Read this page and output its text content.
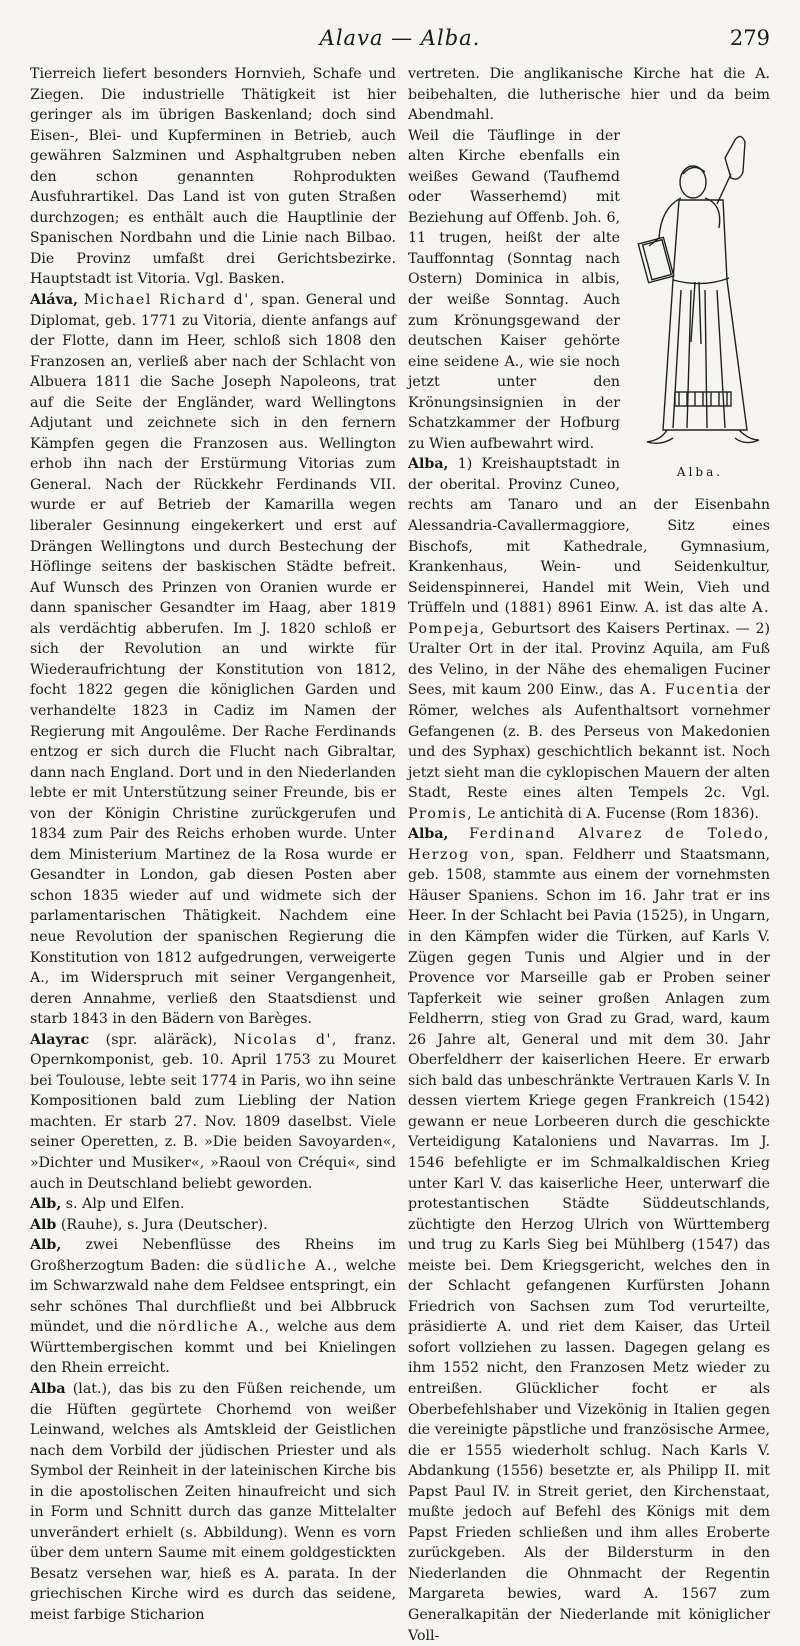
Alava — Alba.	279

Tierreich liefert besonders Hornvieh, Schafe und Ziegen. Die industrielle Thätigkeit ist hier geringer als im übrigen Baskenland; doch sind Eisen-, Blei- und Kupferminen in Betrieb, auch gewähren Salzminen und Asphaltgruben neben den schon genannten Rohprodukten Ausfuhrartikel. Das Land ist von guten Straßen durchzogen; es enthält auch die Hauptlinie der Spanischen Nordbahn und die Linie nach Bilbao. Die Provinz umfaßt drei Gerichtsbezirke. Hauptstadt ist Vitoria. Vgl. Basken.

Aláva, Michael Richard d', span. General und Diplomat, geb. 1771 zu Vitoria, diente anfangs auf der Flotte, dann im Heer, schloß sich 1808 den Franzosen an, verließ aber nach der Schlacht von Albuera 1811 die Sache Joseph Napoleons, trat auf die Seite der Engländer, ward Wellingtons Adjutant und zeichnete sich in den fernern Kämpfen gegen die Franzosen aus. Wellington erhob ihn nach der Erstürmung Vitorias zum General. Nach der Rückkehr Ferdinands VII. wurde er auf Betrieb der Kamarilla wegen liberaler Gesinnung eingekerkert und erst auf Drängen Wellingtons und durch Bestechung der Höflinge seitens der baskischen Städte befreit. Auf Wunsch des Prinzen von Oranien wurde er dann spanischer Gesandter im Haag, aber 1819 als verdächtig abberufen. Im J. 1820 schloß er sich der Revolution an und wirkte für Wiederaufrichtung der Konstitution von 1812, focht 1822 gegen die königlichen Garden und verhandelte 1823 in Cadiz im Namen der Regierung mit Angoulême. Der Rache Ferdinands entzog er sich durch die Flucht nach Gibraltar, dann nach England. Dort und in den Niederlanden lebte er mit Unterstützung seiner Freunde, bis er von der Königin Christine zurückgerufen und 1834 zum Pair des Reichs erhoben wurde. Unter dem Ministerium Martinez de la Rosa wurde er Gesandter in London, gab diesen Posten aber schon 1835 wieder auf und widmete sich der parlamentarischen Thätigkeit. Nachdem eine neue Revolution der spanischen Regierung die Konstitution von 1812 aufgedrungen, verweigerte A., im Widerspruch mit seiner Vergangenheit, deren Annahme, verließ den Staatsdienst und starb 1843 in den Bädern von Barèges.

Alayrac (spr. aläräck), Nicolas d', franz. Opernkomponist, geb. 10. April 1753 zu Mouret bei Toulouse, lebte seit 1774 in Paris, wo ihn seine Kompositionen bald zum Liebling der Nation machten. Er starb 27. Nov. 1809 daselbst. Viele seiner Operetten, z. B. »Die beiden Savoyarden«, »Dichter und Musiker«, »Raoul von Créqui«, sind auch in Deutschland beliebt geworden.

Alb, s. Alp und Elfen.

Alb (Rauhe), s. Jura (Deutscher).

Alb, zwei Nebenflüsse des Rheins im Großherzogtum Baden: die südliche A., welche im Schwarzwald nahe dem Feldsee entspringt, ein sehr schönes Thal durchfließt und bei Albbruck mündet, und die nördliche A., welche aus dem Württembergischen kommt und bei Knielingen den Rhein erreicht.

Alba (lat.), das bis zu den Füßen reichende, um die Hüften gegürtete Chorhemd von weißer Leinwand, welches als Amtskleid der Geistlichen nach dem Vorbild der jüdischen Priester und als Symbol der Reinheit in der lateinischen Kirche bis in die apostolischen Zeiten hinaufreicht und sich in Form und Schnitt durch das ganze Mittelalter unverändert erhielt (s. Abbildung). Wenn es vorn über dem untern Saume mit einem goldgestickten Besatz versehen war, hieß es A. parata. In der griechischen Kirche wird es durch das seidene, meist farbige Sticharion

vertreten. Die anglikanische Kirche hat die A. beibehalten, die lutherische hier und da beim Abendmahl.

Alba.

Weil die Täuflinge in der alten Kirche ebenfalls ein weißes Gewand (Taufhemd oder Wasserhemd) mit Beziehung auf Offenb. Joh. 6, 11 trugen, heißt der alte Tauffonntag (Sonntag nach Ostern) Dominica in albis, der weiße Sonntag. Auch zum Krönungsgewand der deutschen Kaiser gehörte eine seidene A., wie sie noch jetzt unter den Krönungsinsignien in der Schatzkammer der Hofburg zu Wien aufbewahrt wird.

Alba, 1) Kreishauptstadt in der oberital. Provinz Cuneo, rechts am Tanaro und an der Eisenbahn Alessandria-Cavallermaggiore, Sitz eines Bischofs, mit Kathedrale, Gymnasium, Krankenhaus, Wein- und Seidenkultur, Seidenspinnerei, Handel mit Wein, Vieh und Trüffeln und (1881) 8961 Einw. A. ist das alte A. Pompeja, Geburtsort des Kaisers Pertinax. — 2) Uralter Ort in der ital. Provinz Aquila, am Fuß des Velino, in der Nähe des ehemaligen Fuciner Sees, mit kaum 200 Einw., das A. Fucentia der Römer, welches als Aufenthaltsort vornehmer Gefangenen (z. B. des Perseus von Makedonien und des Syphax) geschichtlich bekannt ist. Noch jetzt sieht man die cyklopischen Mauern der alten Stadt, Reste eines alten Tempels 2c. Vgl. Promis, Le antichità di A. Fucense (Rom 1836).

Alba, Ferdinand Alvarez de Toledo, Herzog von, span. Feldherr und Staatsmann, geb. 1508, stammte aus einem der vornehmsten Häuser Spaniens. Schon im 16. Jahr trat er ins Heer. In der Schlacht bei Pavia (1525), in Ungarn, in den Kämpfen wider die Türken, auf Karls V. Zügen gegen Tunis und Algier und in der Provence vor Marseille gab er Proben seiner Tapferkeit wie seiner großen Anlagen zum Feldherrn, stieg von Grad zu Grad, ward, kaum 26 Jahre alt, General und mit dem 30. Jahr Oberfeldherr der kaiserlichen Heere. Er erwarb sich bald das unbeschränkte Vertrauen Karls V. In dessen viertem Kriege gegen Frankreich (1542) gewann er neue Lorbeeren durch die geschickte Verteidigung Kataloniens und Navarras. Im J. 1546 befehligte er im Schmalkaldischen Krieg unter Karl V. das kaiserliche Heer, unterwarf die protestantischen Städte Süddeutschlands, züchtigte den Herzog Ulrich von Württemberg und trug zu Karls Sieg bei Mühlberg (1547) das meiste bei. Dem Kriegsgericht, welches den in der Schlacht gefangenen Kurfürsten Johann Friedrich von Sachsen zum Tod verurteilte, präsidierte A. und riet dem Kaiser, das Urteil sofort vollziehen zu lassen. Dagegen gelang es ihm 1552 nicht, den Franzosen Metz wieder zu entreißen. Glücklicher focht er als Oberbefehlshaber und Vizekönig in Italien gegen die vereinigte päpstliche und französische Armee, die er 1555 wiederholt schlug. Nach Karls V. Abdankung (1556) besetzte er, als Philipp II. mit Papst Paul IV. in Streit geriet, den Kirchenstaat, mußte jedoch auf Befehl des Königs mit dem Papst Frieden schließen und ihm alles Eroberte zurückgeben. Als der Bildersturm in den Niederlanden die Ohnmacht der Regentin Margareta bewies, ward A. 1567 zum Generalkapitän der Niederlande mit königlicher Voll-
